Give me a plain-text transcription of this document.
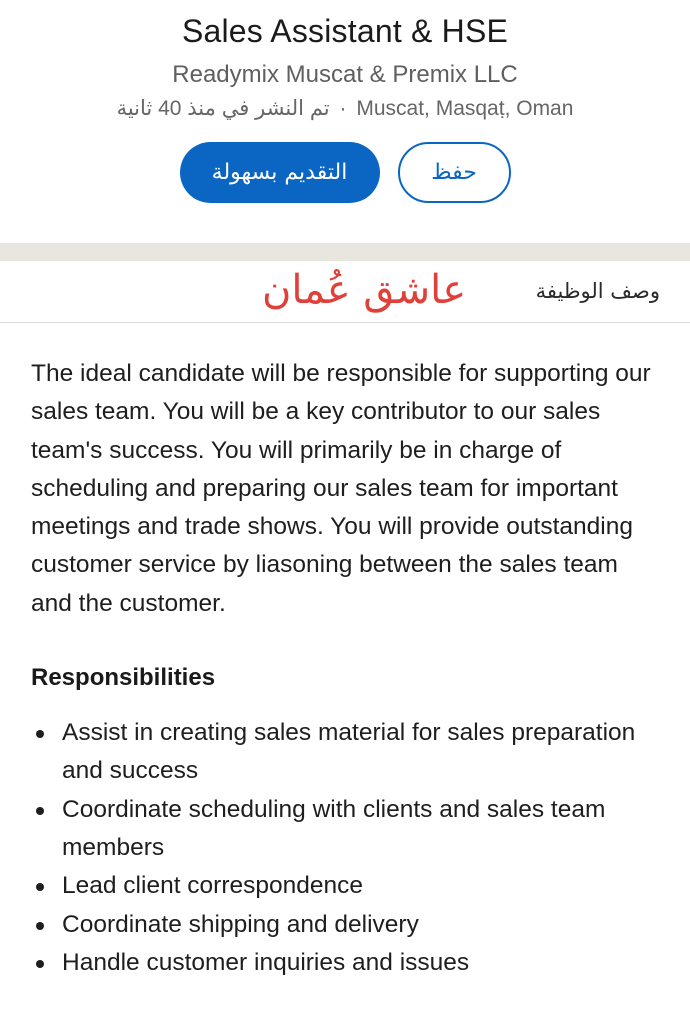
Sales Assistant & HSE
Readymix Muscat & Premix LLC
تم النشر في منذ 40 ثانية · Muscat, Masqaṭ, Oman
التقديم بسهولة	حفظ
عاشق عُمان	وصف الوظيفة

The ideal candidate will be responsible for supporting our sales team. You will be a key contributor to our sales team's success. You will primarily be in charge of scheduling and preparing our sales team for important meetings and trade shows. You will provide outstanding customer service by liasoning between the sales team and the customer.

Responsibilities
Assist in creating sales material for sales preparation and success
Coordinate scheduling with clients and sales team members
Lead client correspondence
Coordinate shipping and delivery
Handle customer inquiries and issues
